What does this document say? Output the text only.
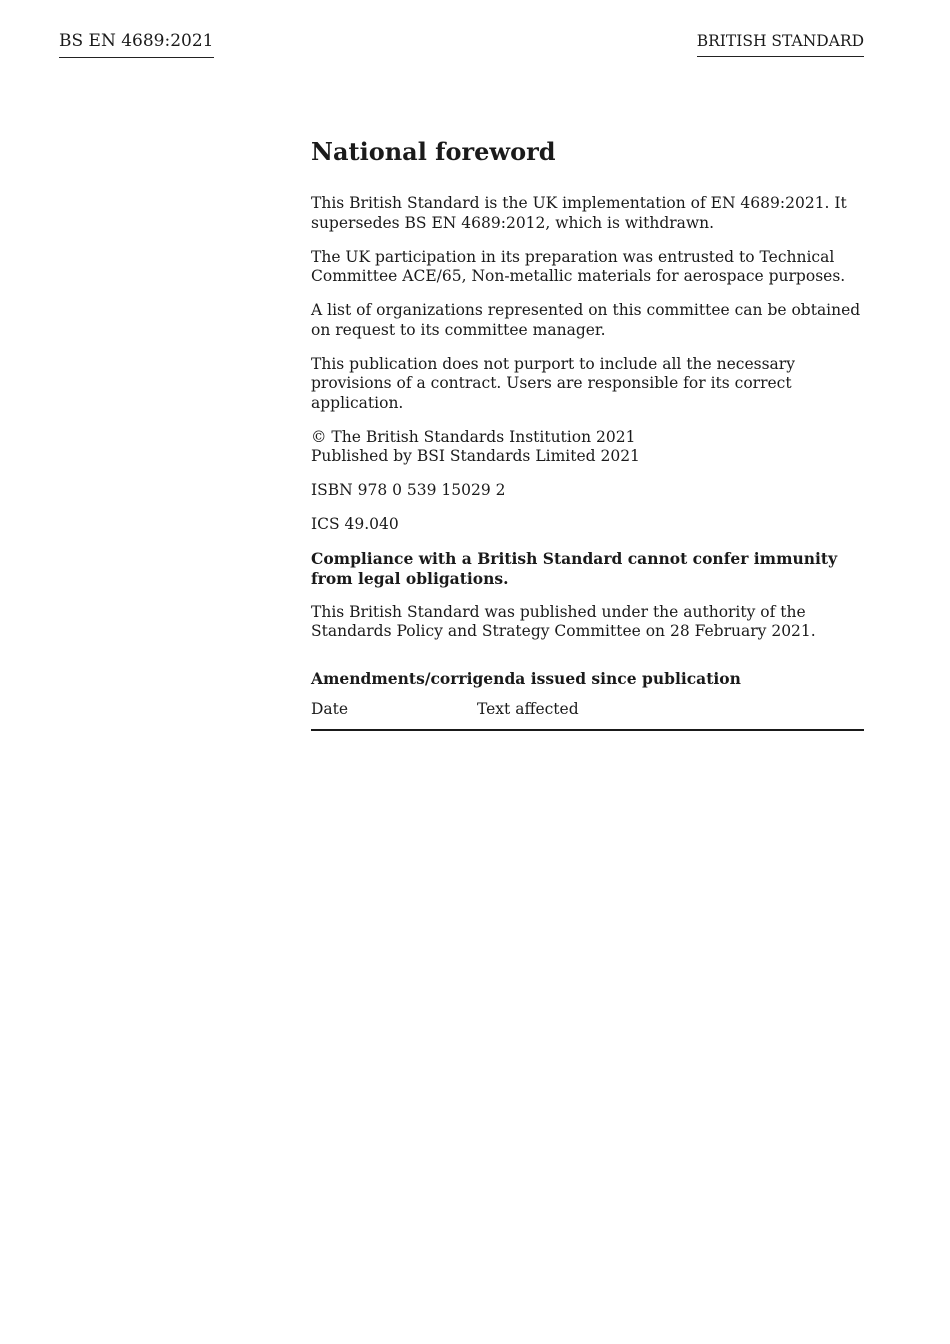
BS EN 4689:2021	BRITISH STANDARD
National foreword

This British Standard is the UK implementation of EN 4689:2021. It supersedes BS EN 4689:2012, which is withdrawn.

The UK participation in its preparation was entrusted to Technical Committee ACE/65, Non-metallic materials for aerospace purposes.

A list of organizations represented on this committee can be obtained on request to its committee manager.

This publication does not purport to include all the necessary provisions of a contract. Users are responsible for its correct application.

© The British Standards Institution 2021
Published by BSI Standards Limited 2021

ISBN 978 0 539 15029 2

ICS 49.040

Compliance with a British Standard cannot confer immunity from legal obligations.

This British Standard was published under the authority of the Standards Policy and Strategy Committee on 28 February 2021.

Amendments/corrigenda issued since publication
Date	Text affected
